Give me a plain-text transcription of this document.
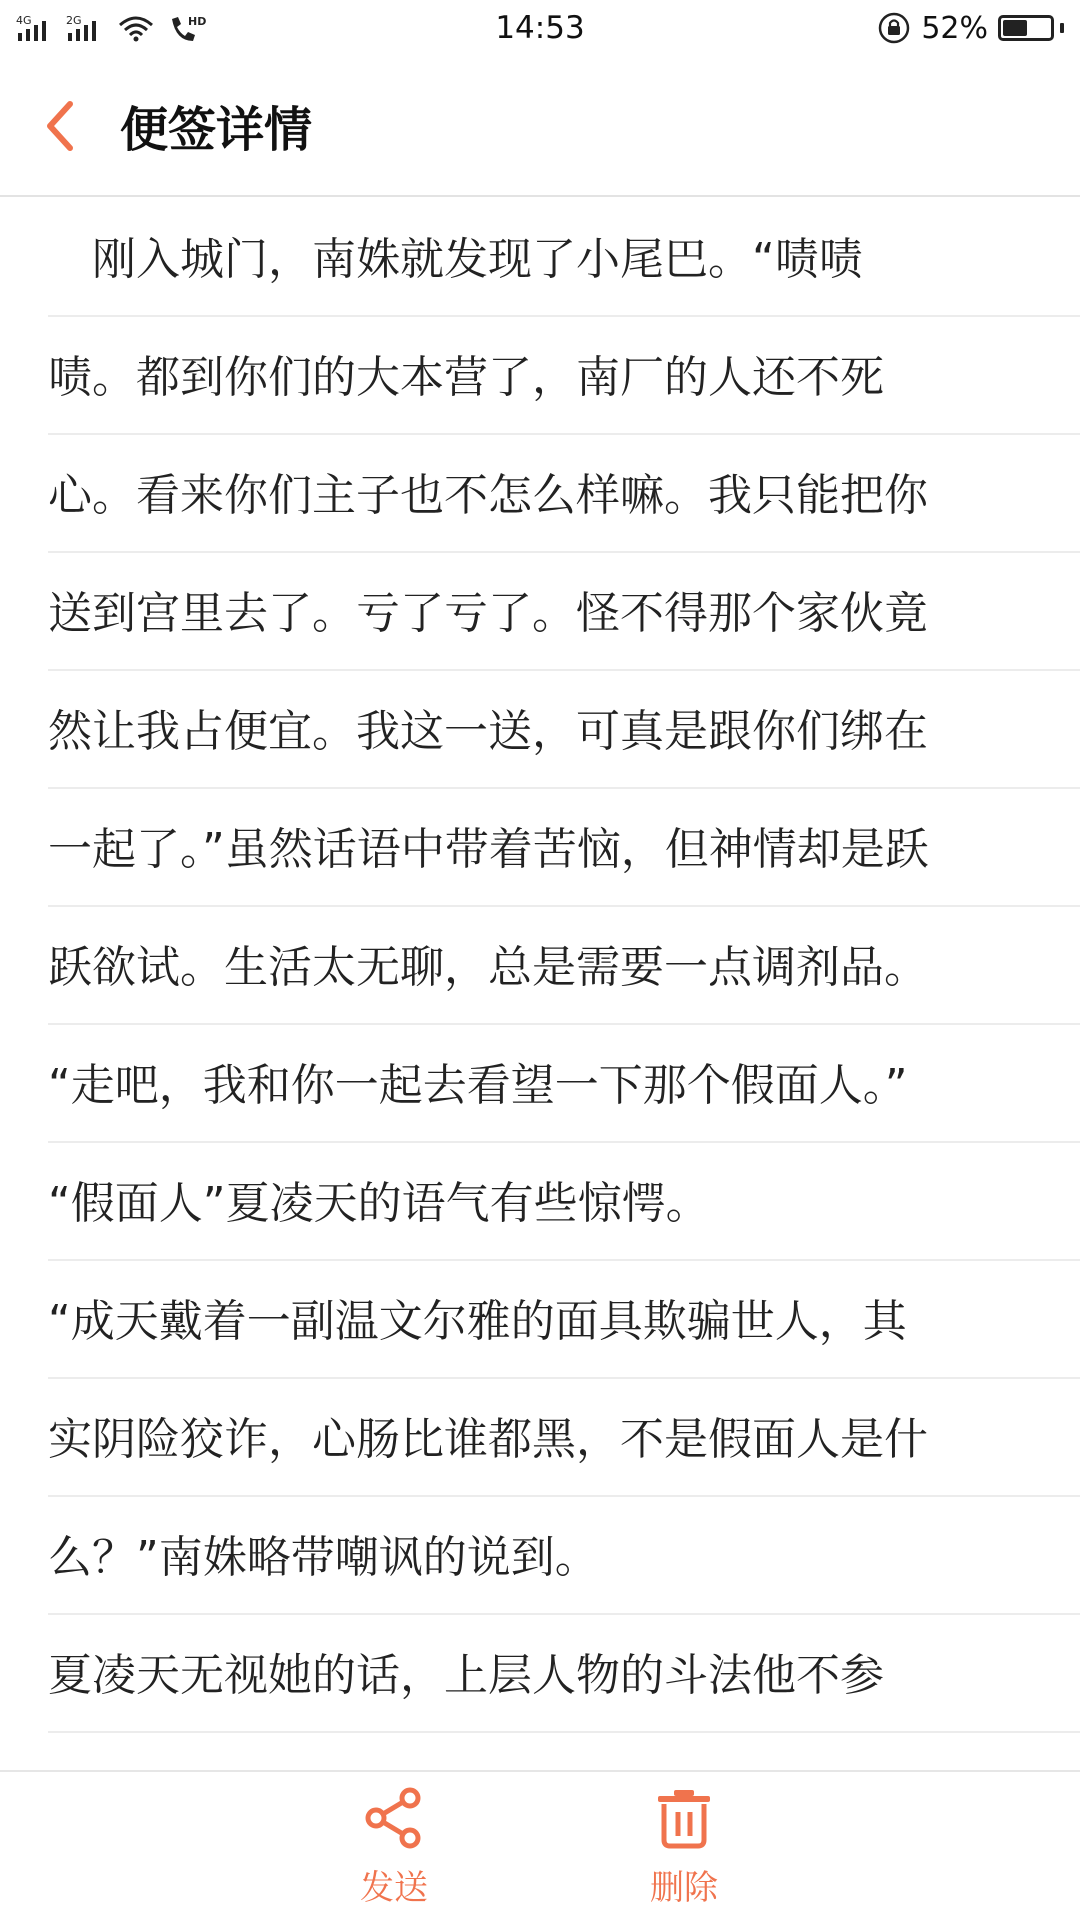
4G	2G	HD	14:53	52%
便签详情
　刚入城门，南姝就发现了小尾巴。“啧啧
啧。都到你们的大本营了，南厂的人还不死
心。看来你们主子也不怎么样嘛。我只能把你
送到宫里去了。亏了亏了。怪不得那个家伙竟
然让我占便宜。我这一送，可真是跟你们绑在
一起了。”虽然话语中带着苦恼，但神情却是跃
跃欲试。生活太无聊，总是需要一点调剂品。
“走吧，我和你一起去看望一下那个假面人。”
“假面人”夏凌天的语气有些惊愕。
“成天戴着一副温文尔雅的面具欺骗世人，其
实阴险狡诈，心肠比谁都黑，不是假面人是什
么？”南姝略带嘲讽的说到。
夏凌天无视她的话，上层人物的斗法他不参
发送	删除
